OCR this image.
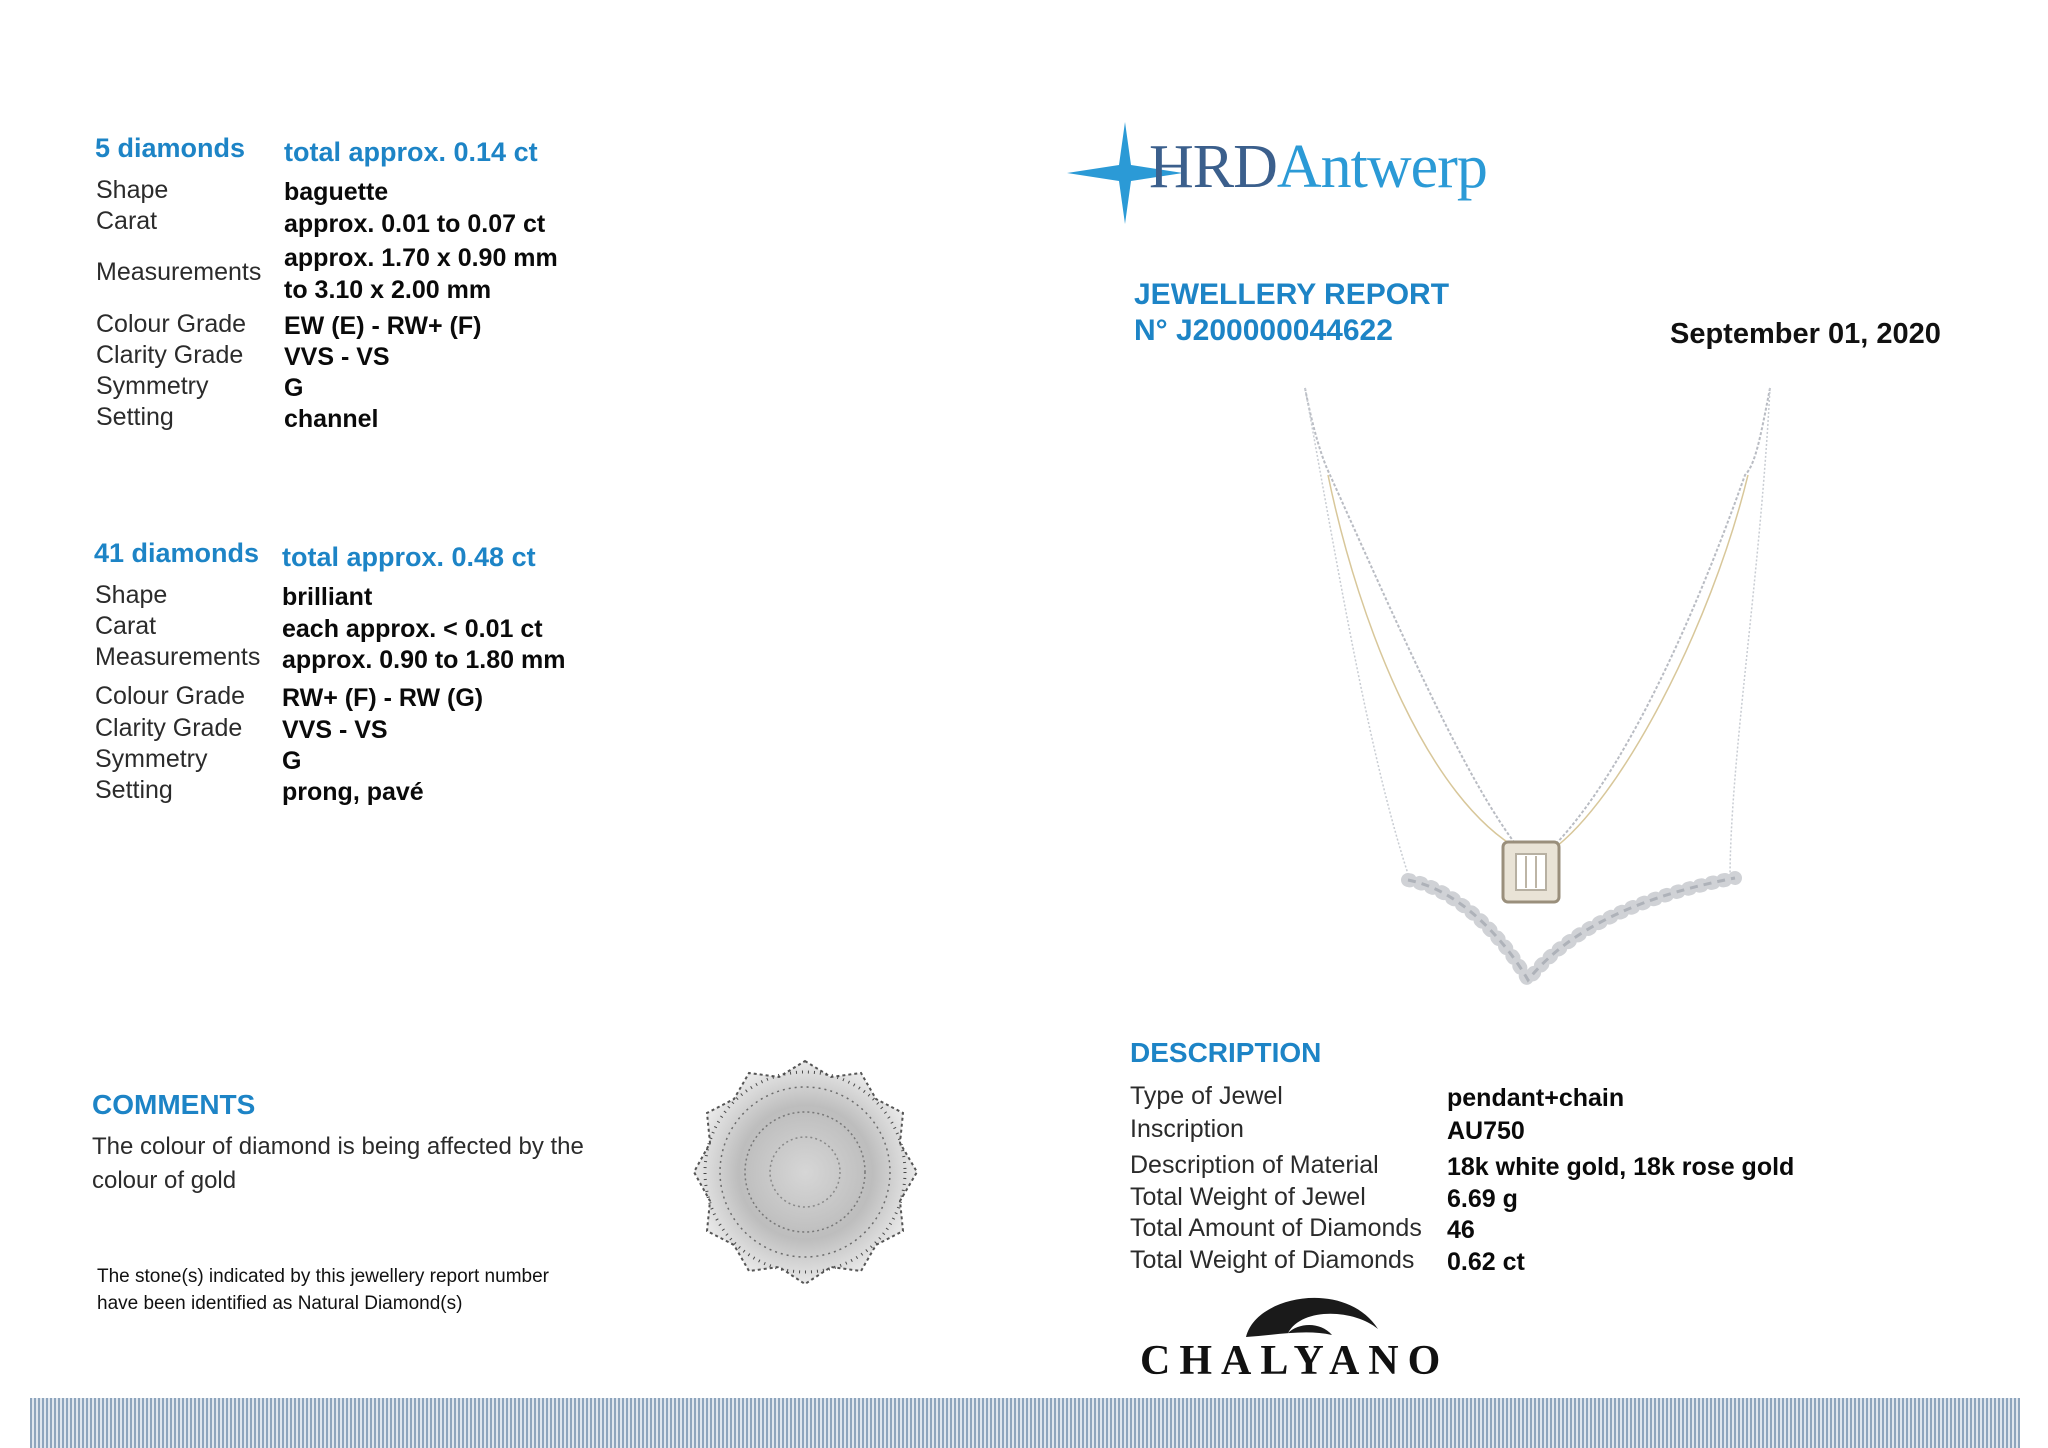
5 diamonds total approx. 0.14 ct
Shape	baguette
Carat	approx. 0.01 to 0.07 ct
Measurements approx. 1.70 x 0.90 mm
to 3.10 x 2.00 mm
Colour Grade EW (E) - RW+ (F)
Clarity Grade VVS - VS
Symmetry	G
Setting	channel
41 diamonds total approx. 0.48 ct
Shape	brilliant
Carat	each approx. < 0.01 ct
Measurements approx. 0.90 to 1.80 mm
Colour Grade RW+ (F) - RW (G)
Clarity Grade VVS - VS
Symmetry	G
Setting	prong, pavé
HRDAntwerp
JEWELLERY REPORT
N° J200000044622	September 01, 2020
COMMENTS
The colour of diamond is being affected by the colour of gold
The stone(s) indicated by this jewellery report number
have been identified as Natural Diamond(s)
DESCRIPTION
Type of Jewel	pendant+chain
Inscription	AU750
Description of Material	18k white gold, 18k rose gold
Total Weight of Jewel	6.69 g
Total Amount of Diamonds 46
Total Weight of Diamonds 0.62 ct
CHALYANO
